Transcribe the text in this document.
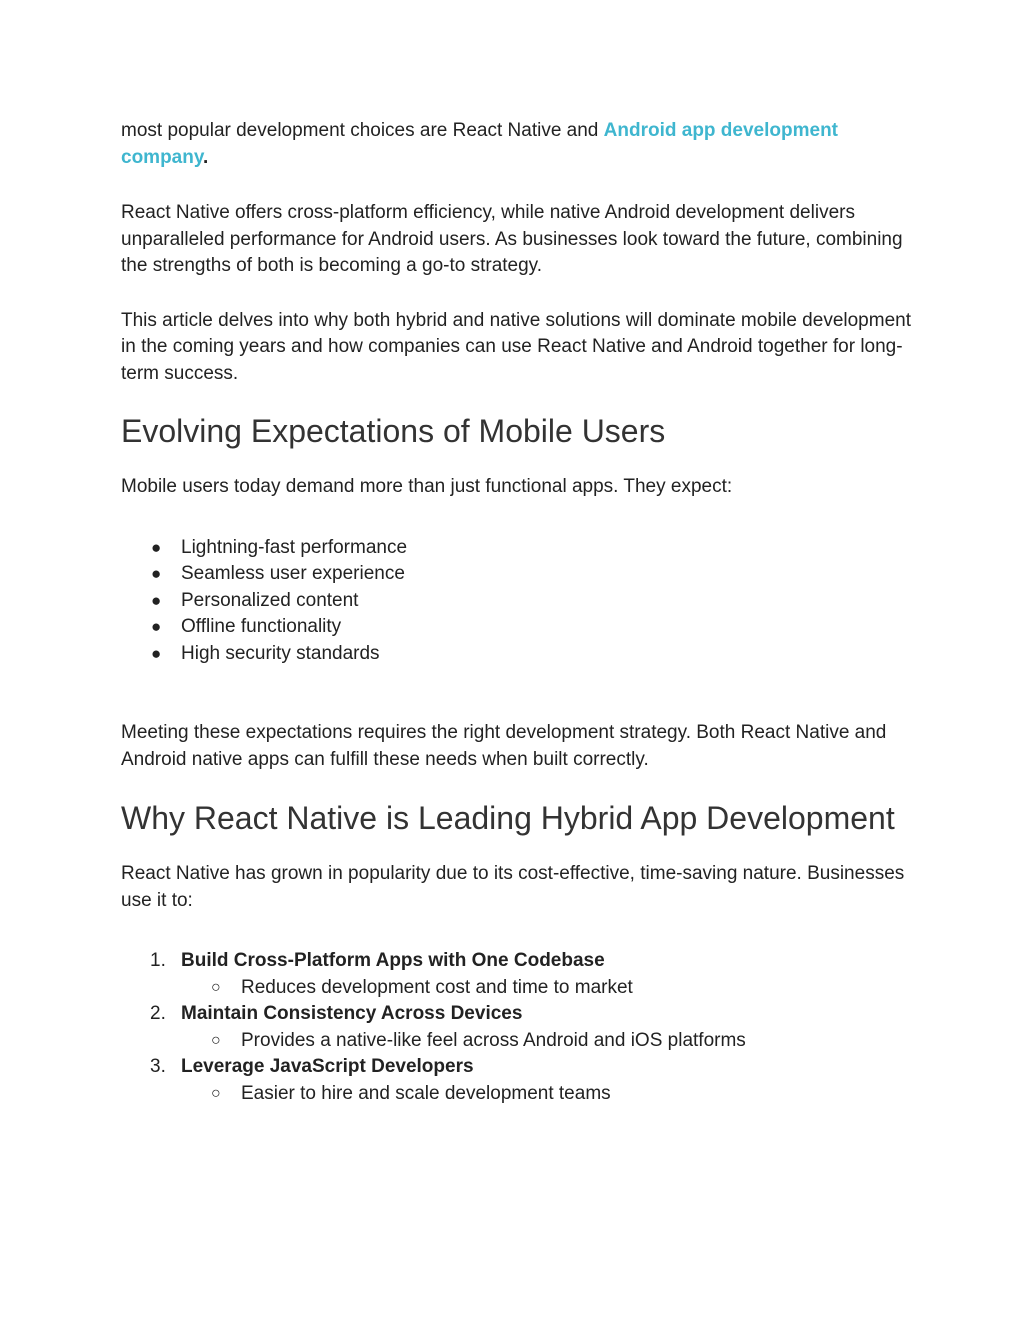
most popular development choices are React Native and Android app development company.

React Native offers cross-platform efficiency, while native Android development delivers unparalleled performance for Android users. As businesses look toward the future, combining the strengths of both is becoming a go-to strategy.

This article delves into why both hybrid and native solutions will dominate mobile development in the coming years and how companies can use React Native and Android together for long-term success.

Evolving Expectations of Mobile Users

Mobile users today demand more than just functional apps. They expect:

● Lightning-fast performance
● Seamless user experience
● Personalized content
● Offline functionality
● High security standards

Meeting these expectations requires the right development strategy. Both React Native and Android native apps can fulfill these needs when built correctly.

Why React Native is Leading Hybrid App Development

React Native has grown in popularity due to its cost-effective, time-saving nature. Businesses use it to:

1. Build Cross-Platform Apps with One Codebase
○ Reduces development cost and time to market
2. Maintain Consistency Across Devices
○ Provides a native-like feel across Android and iOS platforms
3. Leverage JavaScript Developers
○ Easier to hire and scale development teams
